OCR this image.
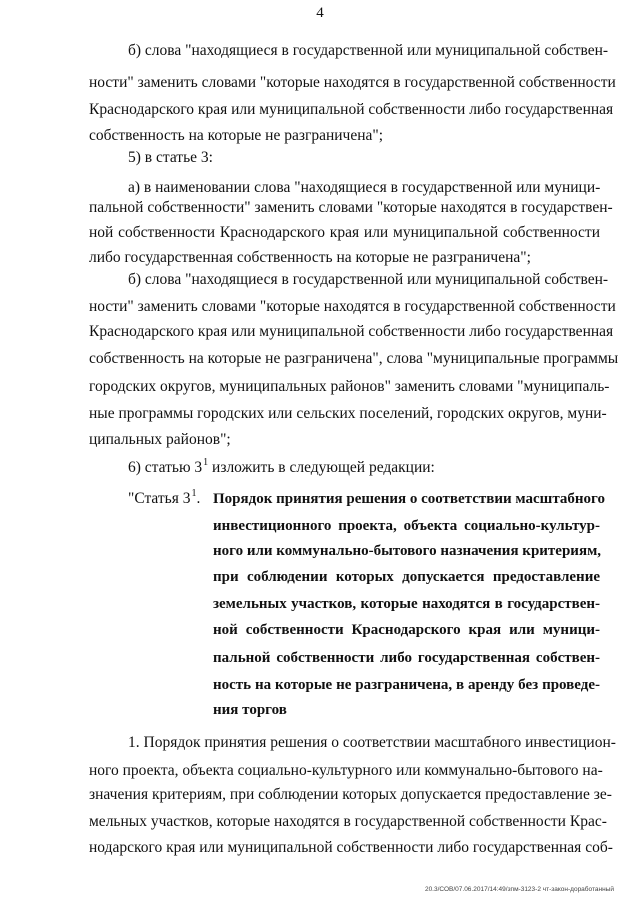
4
б) слова "находящиеся в государственной или муниципальной собствен-
ности" заменить словами "которые находятся в государственной собственности
Краснодарского края или муниципальной собственности либо государственная
собственность на которые не разграничена";
5) в статье 3:
а) в наименовании слова "находящиеся в государственной или муници-
пальной собственности" заменить словами "которые находятся в государствен-
ной собственности Краснодарского края или муниципальной собственности
либо государственная собственность на которые не разграничена";
б) слова "находящиеся в государственной или муниципальной собствен-
ности" заменить словами "которые находятся в государственной собственности
Краснодарского края или муниципальной собственности либо государственная
собственность на которые не разграничена", слова "муниципальные программы
городских округов, муниципальных районов" заменить словами "муниципаль-
ные программы городских или сельских поселений, городских округов, муни-
ципальных районов";
6) статью $3^1$ изложить в следующей редакции:
"Статья $3^1$. Порядок принятия решения о соответствии масштабного
инвестиционного проекта, объекта социально-культур-
ного или коммунально-бытового назначения критериям,
при соблюдении которых допускается предоставление
земельных участков, которые находятся в государствен-
ной собственности Краснодарского края или муници-
пальной собственности либо государственная собствен-
ность на которые не разграничена, в аренду без проведе-
ния торгов
1. Порядок принятия решения о соответствии масштабного инвестицион-
ного проекта, объекта социально-культурного или коммунально-бытового на-
значения критериям, при соблюдении которых допускается предоставление зе-
мельных участков, которые находятся в государственной собственности Крас-
нодарского края или муниципальной собственности либо государственная соб-
20.3/СОВ/07.06.2017/14:49/зпм-3123-2 чт-закон-доработанный
